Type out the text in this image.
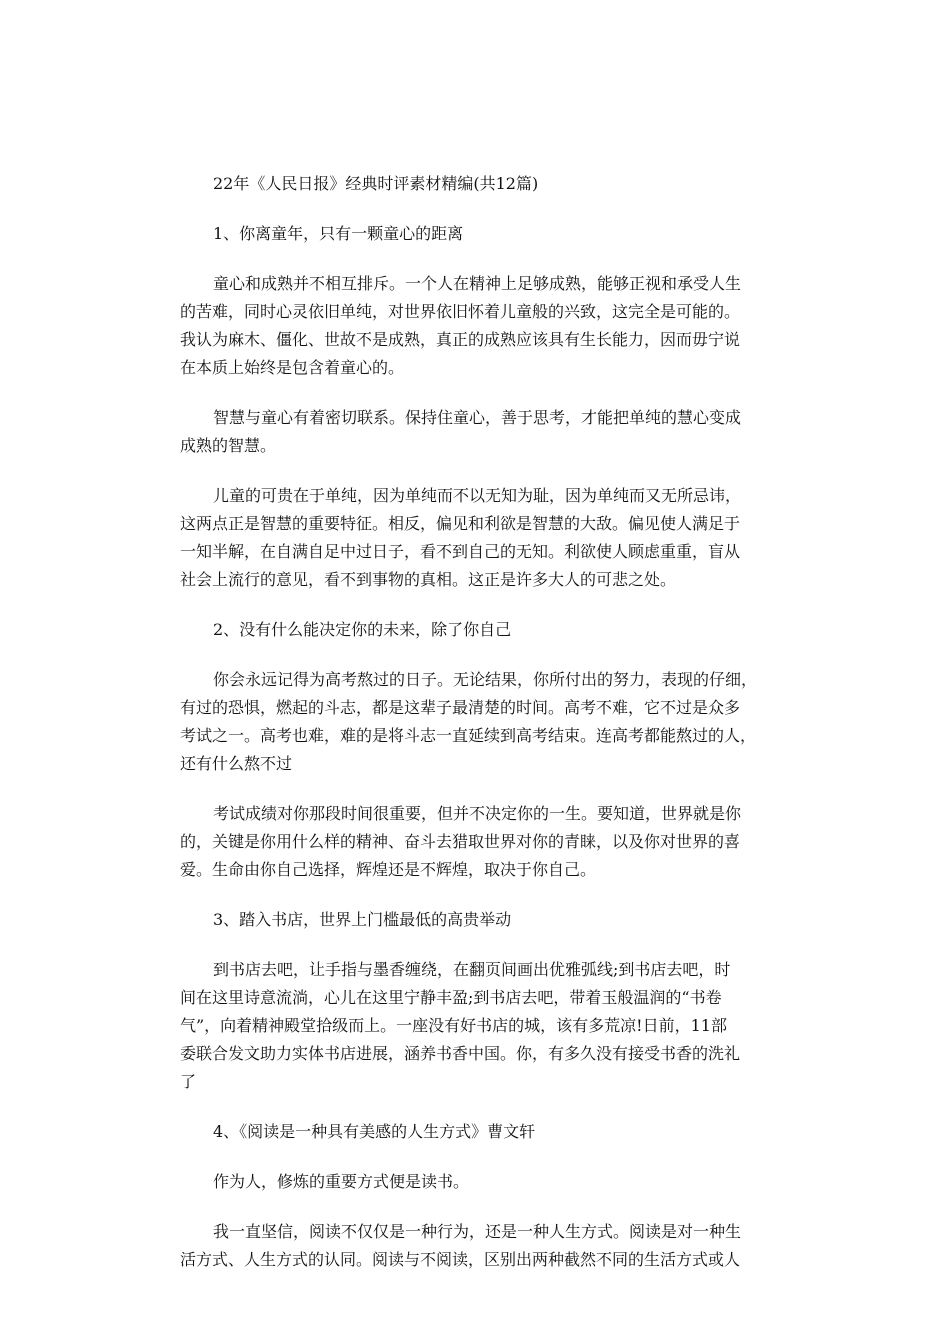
22年《人民日报》经典时评素材精编(共12篇)

1、你离童年，只有一颗童心的距离

童心和成熟并不相互排斥。一个人在精神上足够成熟，能够正视和承受人生
的苦难，同时心灵依旧单纯，对世界依旧怀着儿童般的兴致，这完全是可能的。
我认为麻木、僵化、世故不是成熟，真正的成熟应该具有生长能力，因而毋宁说
在本质上始终是包含着童心的。

智慧与童心有着密切联系。保持住童心，善于思考，才能把单纯的慧心变成
成熟的智慧。

儿童的可贵在于单纯，因为单纯而不以无知为耻，因为单纯而又无所忌讳，
这两点正是智慧的重要特征。相反，偏见和利欲是智慧的大敌。偏见使人满足于
一知半解，在自满自足中过日子，看不到自己的无知。利欲使人顾虑重重，盲从
社会上流行的意见，看不到事物的真相。这正是许多大人的可悲之处。

2、没有什么能决定你的未来，除了你自己

你会永远记得为高考熬过的日子。无论结果，你所付出的努力，表现的仔细，
有过的恐惧，燃起的斗志，都是这辈子最清楚的时间。高考不难，它不过是众多
考试之一。高考也难，难的是将斗志一直延续到高考结束。连高考都能熬过的人，
还有什么熬不过

考试成绩对你那段时间很重要，但并不决定你的一生。要知道，世界就是你
的，关键是你用什么样的精神、奋斗去猎取世界对你的青睐，以及你对世界的喜
爱。生命由你自己选择，辉煌还是不辉煌，取决于你自己。

3、踏入书店，世界上门槛最低的高贵举动

到书店去吧，让手指与墨香缠绕，在翻页间画出优雅弧线;到书店去吧，时
间在这里诗意流淌，心儿在这里宁静丰盈;到书店去吧，带着玉般温润的“书卷
气”，向着精神殿堂拾级而上。一座没有好书店的城，该有多荒凉!日前，11部
委联合发文助力实体书店进展，涵养书香中国。你，有多久没有接受书香的洗礼
了

4、《阅读是一种具有美感的人生方式》曹文轩

作为人，修炼的重要方式便是读书。

我一直坚信，阅读不仅仅是一种行为，还是一种人生方式。阅读是对一种生
活方式、人生方式的认同。阅读与不阅读，区别出两种截然不同的生活方式或人
